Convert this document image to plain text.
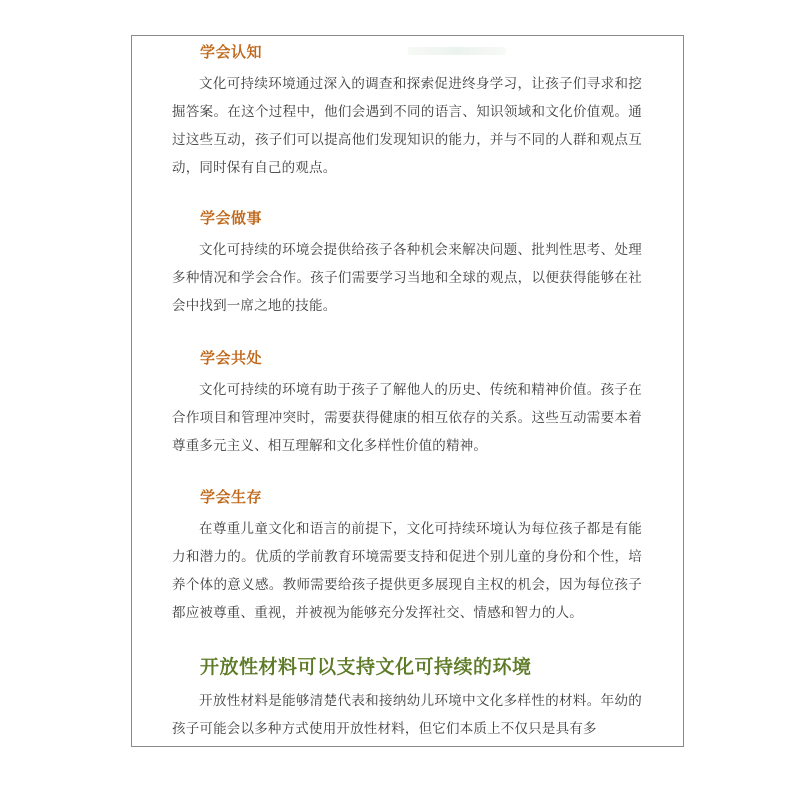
学会认知

文化可持续环境通过深入的调查和探索促进终身学习，让孩子们寻求和挖掘答案。在这个过程中，他们会遇到不同的语言、知识领域和文化价值观。通过这些互动，孩子们可以提高他们发现知识的能力，并与不同的人群和观点互动，同时保有自己的观点。

学会做事

文化可持续的环境会提供给孩子各种机会来解决问题、批判性思考、处理多种情况和学会合作。孩子们需要学习当地和全球的观点，以便获得能够在社会中找到一席之地的技能。

学会共处

文化可持续的环境有助于孩子了解他人的历史、传统和精神价值。孩子在合作项目和管理冲突时，需要获得健康的相互依存的关系。这些互动需要本着尊重多元主义、相互理解和文化多样性价值的精神。

学会生存

在尊重儿童文化和语言的前提下，文化可持续环境认为每位孩子都是有能力和潜力的。优质的学前教育环境需要支持和促进个别儿童的身份和个性，培养个体的意义感。教师需要给孩子提供更多展现自主权的机会，因为每位孩子都应被尊重、重视，并被视为能够充分发挥社交、情感和智力的人。

开放性材料可以支持文化可持续的环境

开放性材料是能够清楚代表和接纳幼儿环境中文化多样性的材料。年幼的孩子可能会以多种方式使用开放性材料，但它们本质上不仅只是具有多
